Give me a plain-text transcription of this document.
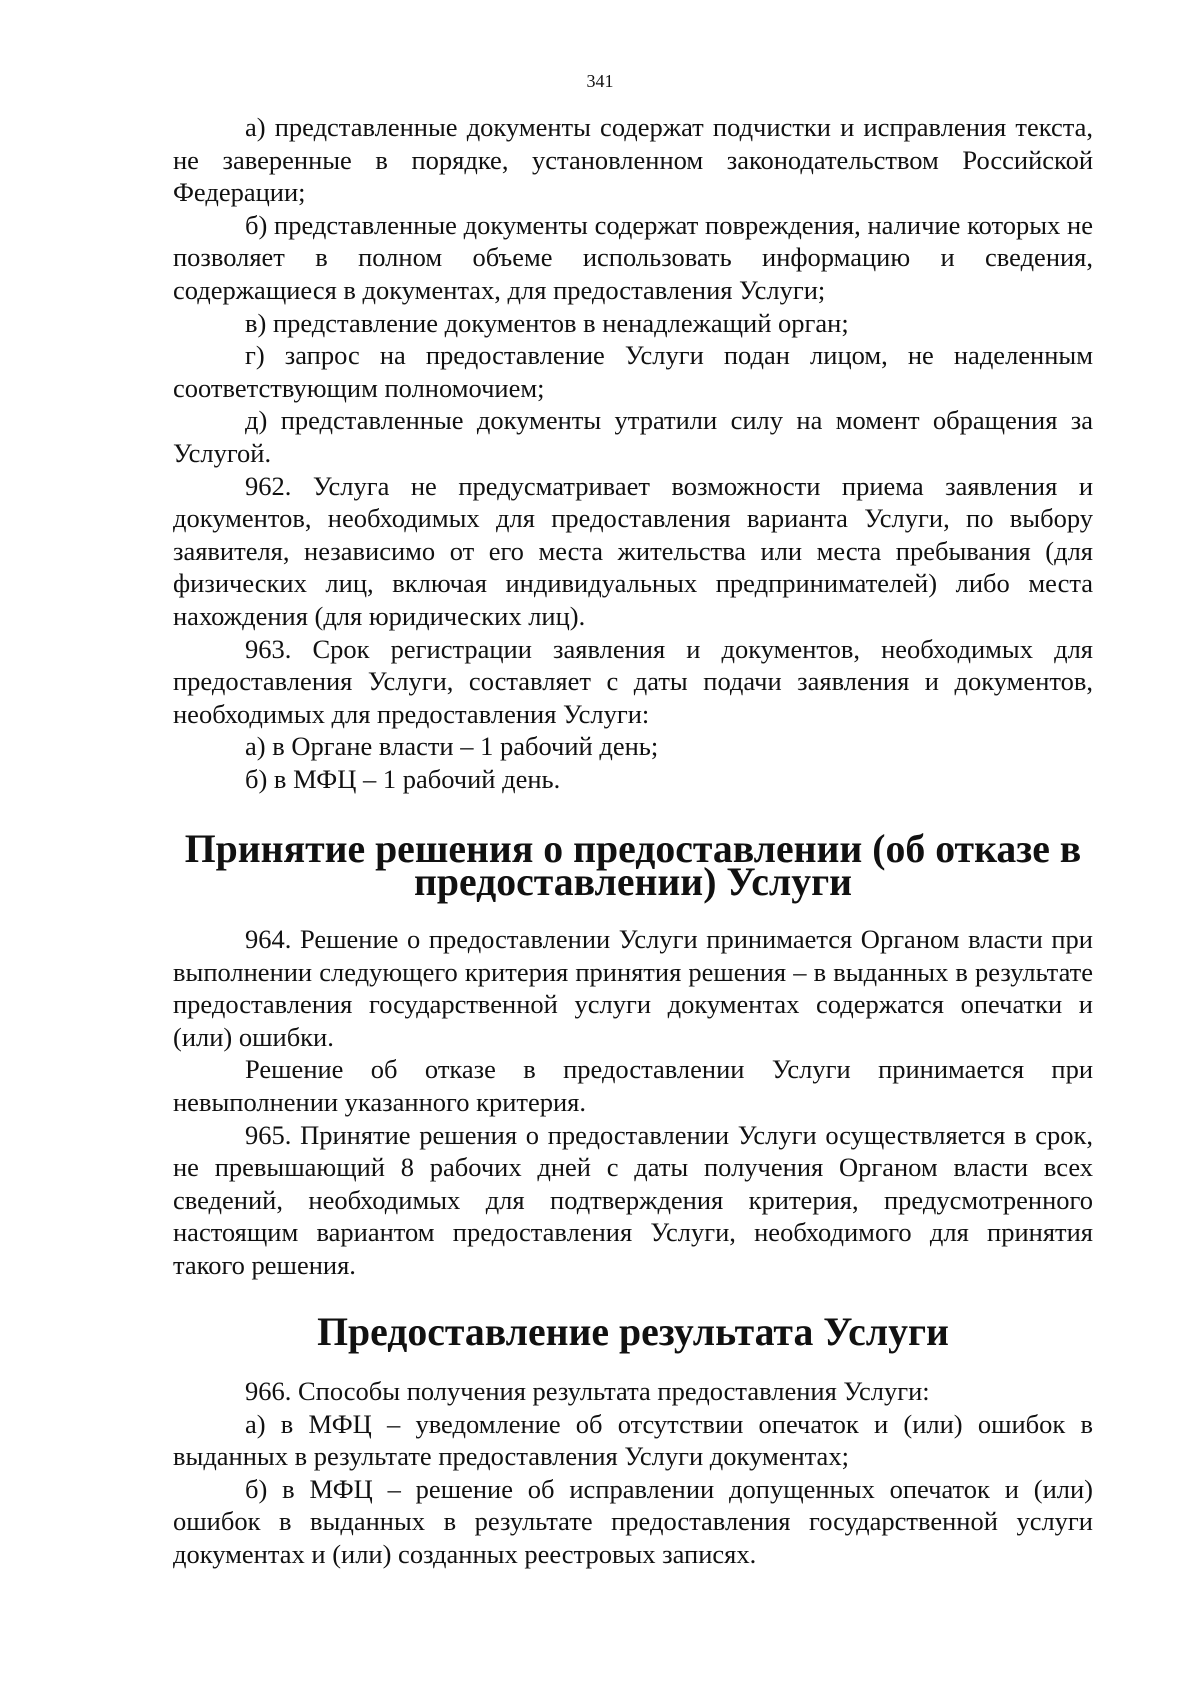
341

а) представленные документы содержат подчистки и исправления текста, не заверенные в порядке, установленном законодательством Российской Федерации;

б) представленные документы содержат повреждения, наличие которых не позволяет в полном объеме использовать информацию и сведения, содержащиеся в документах, для предоставления Услуги;

в) представление документов в ненадлежащий орган;

г) запрос на предоставление Услуги подан лицом, не наделенным соответствующим полномочием;

д) представленные документы утратили силу на момент обращения за Услугой.

962. Услуга не предусматривает возможности приема заявления и документов, необходимых для предоставления варианта Услуги, по выбору заявителя, независимо от его места жительства или места пребывания (для физических лиц, включая индивидуальных предпринимателей) либо места нахождения (для юридических лиц).

963. Срок регистрации заявления и документов, необходимых для предоставления Услуги, составляет с даты подачи заявления и документов, необходимых для предоставления Услуги:

а) в Органе власти – 1 рабочий день;

б) в МФЦ – 1 рабочий день.

Принятие решения о предоставлении (об отказе в предоставлении) Услуги

964. Решение о предоставлении Услуги принимается Органом власти при выполнении следующего критерия принятия решения – в выданных в результате предоставления государственной услуги документах содержатся опечатки и (или) ошибки.

Решение об отказе в предоставлении Услуги принимается при невыполнении указанного критерия.

965. Принятие решения о предоставлении Услуги осуществляется в срок, не превышающий 8 рабочих дней с даты получения Органом власти всех сведений, необходимых для подтверждения критерия, предусмотренного настоящим вариантом предоставления Услуги, необходимого для принятия такого решения.

Предоставление результата Услуги

966. Способы получения результата предоставления Услуги:

а) в МФЦ – уведомление об отсутствии опечаток и (или) ошибок в выданных в результате предоставления Услуги документах;

б) в МФЦ – решение об исправлении допущенных опечаток и (или) ошибок в выданных в результате предоставления государственной услуги документах и (или) созданных реестровых записях.
